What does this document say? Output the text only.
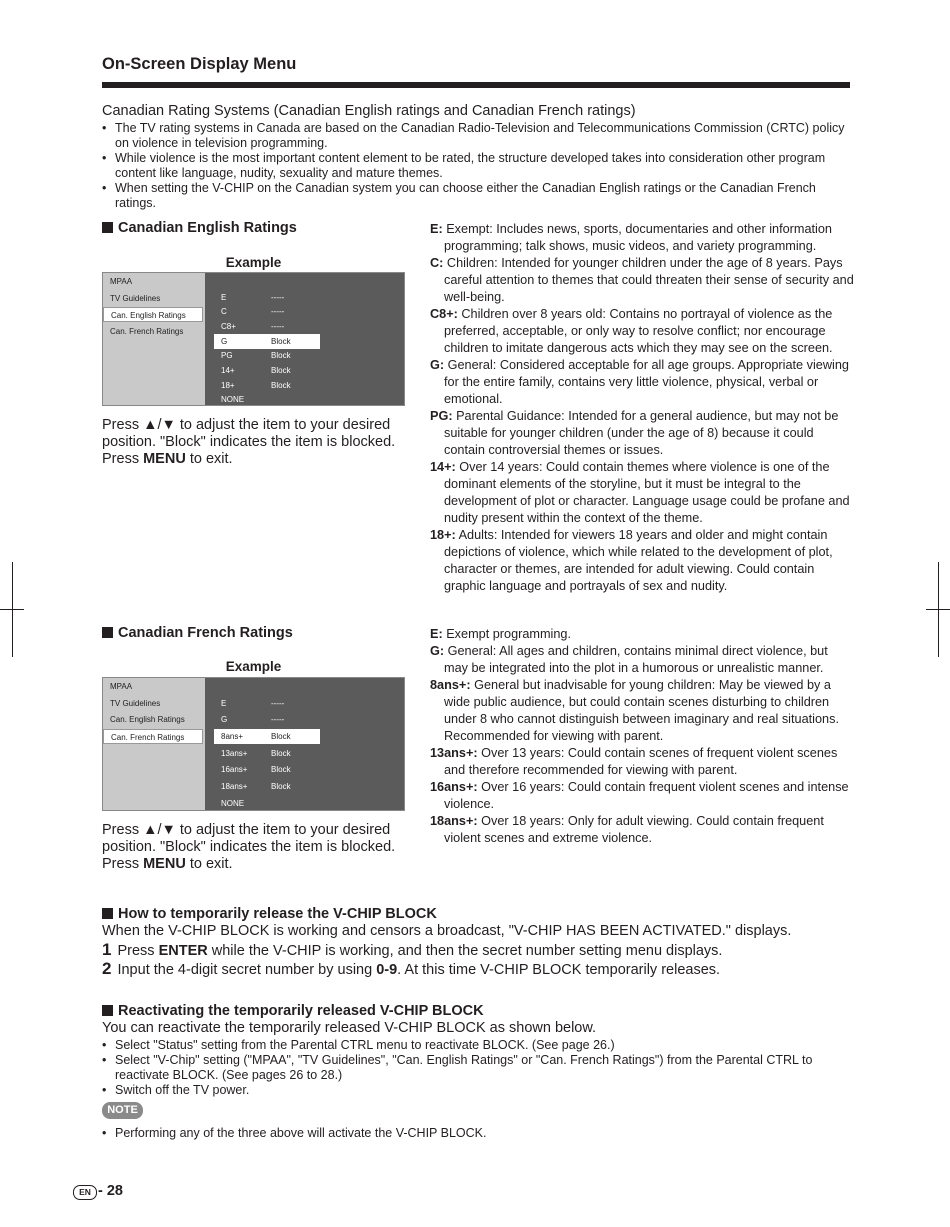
On-Screen Display Menu
Canadian Rating Systems (Canadian English ratings and Canadian French ratings)
• The TV rating systems in Canada are based on the Canadian Radio-Television and Telecommunications Commission (CRTC) policy on violence in television programming.
• While violence is the most important content element to be rated, the structure developed takes into consideration other program content like language, nudity, sexuality and mature themes.
• When setting the V-CHIP on the Canadian system you can choose either the Canadian English ratings or the Canadian French ratings.
Canadian English Ratings
Example
MPAA
TV Guidelines
Can. English Ratings
Can. French Ratings
E	-----
C	-----
C8+	-----
G	Block
PG	Block
14+	Block
18+	Block
NONE
Press ▲/▼ to adjust the item to your desired position. "Block" indicates the item is blocked.
Press MENU to exit.

E: Exempt: Includes news, sports, documentaries and other information programming; talk shows, music videos, and variety programming.

C: Children: Intended for younger children under the age of 8 years. Pays careful attention to themes that could threaten their sense of security and well-being.

C8+: Children over 8 years old: Contains no portrayal of violence as the preferred, acceptable, or only way to resolve conflict; nor encourage children to imitate dangerous acts which they may see on the screen.

G: General: Considered acceptable for all age groups. Appropriate viewing for the entire family, contains very little violence, physical, verbal or emotional.

PG: Parental Guidance: Intended for a general audience, but may not be suitable for younger children (under the age of 8) because it could contain controversial themes or issues.

14+: Over 14 years: Could contain themes where violence is one of the dominant elements of the storyline, but it must be integral to the development of plot or character. Language usage could be profane and nudity present within the context of the theme.

18+: Adults: Intended for viewers 18 years and older and might contain depictions of violence, which while related to the development of plot, character or themes, are intended for adult viewing. Could contain graphic language and portrayals of sex and nudity.

Canadian French Ratings
Example
MPAA
TV Guidelines
Can. English Ratings
Can. French Ratings
E	-----
G	-----
8ans+	Block
13ans+	Block
16ans+	Block
18ans+	Block
NONE
Press ▲/▼ to adjust the item to your desired position. "Block" indicates the item is blocked.
Press MENU to exit.

E: Exempt programming.

G: General: All ages and children, contains minimal direct violence, but may be integrated into the plot in a humorous or unrealistic manner.

8ans+: General but inadvisable for young children: May be viewed by a wide public audience, but could contain scenes disturbing to children under 8 who cannot distinguish between imaginary and real situations.

Recommended for viewing with parent.

13ans+: Over 13 years: Could contain scenes of frequent violent scenes and therefore recommended for viewing with parent.

16ans+: Over 16 years: Could contain frequent violent scenes and intense violence.

18ans+: Over 18 years: Only for adult viewing. Could contain frequent violent scenes and extreme violence.

How to temporarily release the V-CHIP BLOCK
When the V-CHIP BLOCK is working and censors a broadcast, "V-CHIP HAS BEEN ACTIVATED." displays.
1 Press ENTER while the V-CHIP is working, and then the secret number setting menu displays.
2 Input the 4-digit secret number by using 0-9. At this time V-CHIP BLOCK temporarily releases.
Reactivating the temporarily released V-CHIP BLOCK
You can reactivate the temporarily released V-CHIP BLOCK as shown below.
• Select "Status" setting from the Parental CTRL menu to reactivate BLOCK. (See page 26.)
• Select "V-Chip" setting ("MPAA", "TV Guidelines", "Can. English Ratings" or "Can. French Ratings") from the Parental CTRL to reactivate BLOCK. (See pages 26 to 28.)
• Switch off the TV power.
NOTE
• Performing any of the three above will activate the V-CHIP BLOCK.
EN - 28
